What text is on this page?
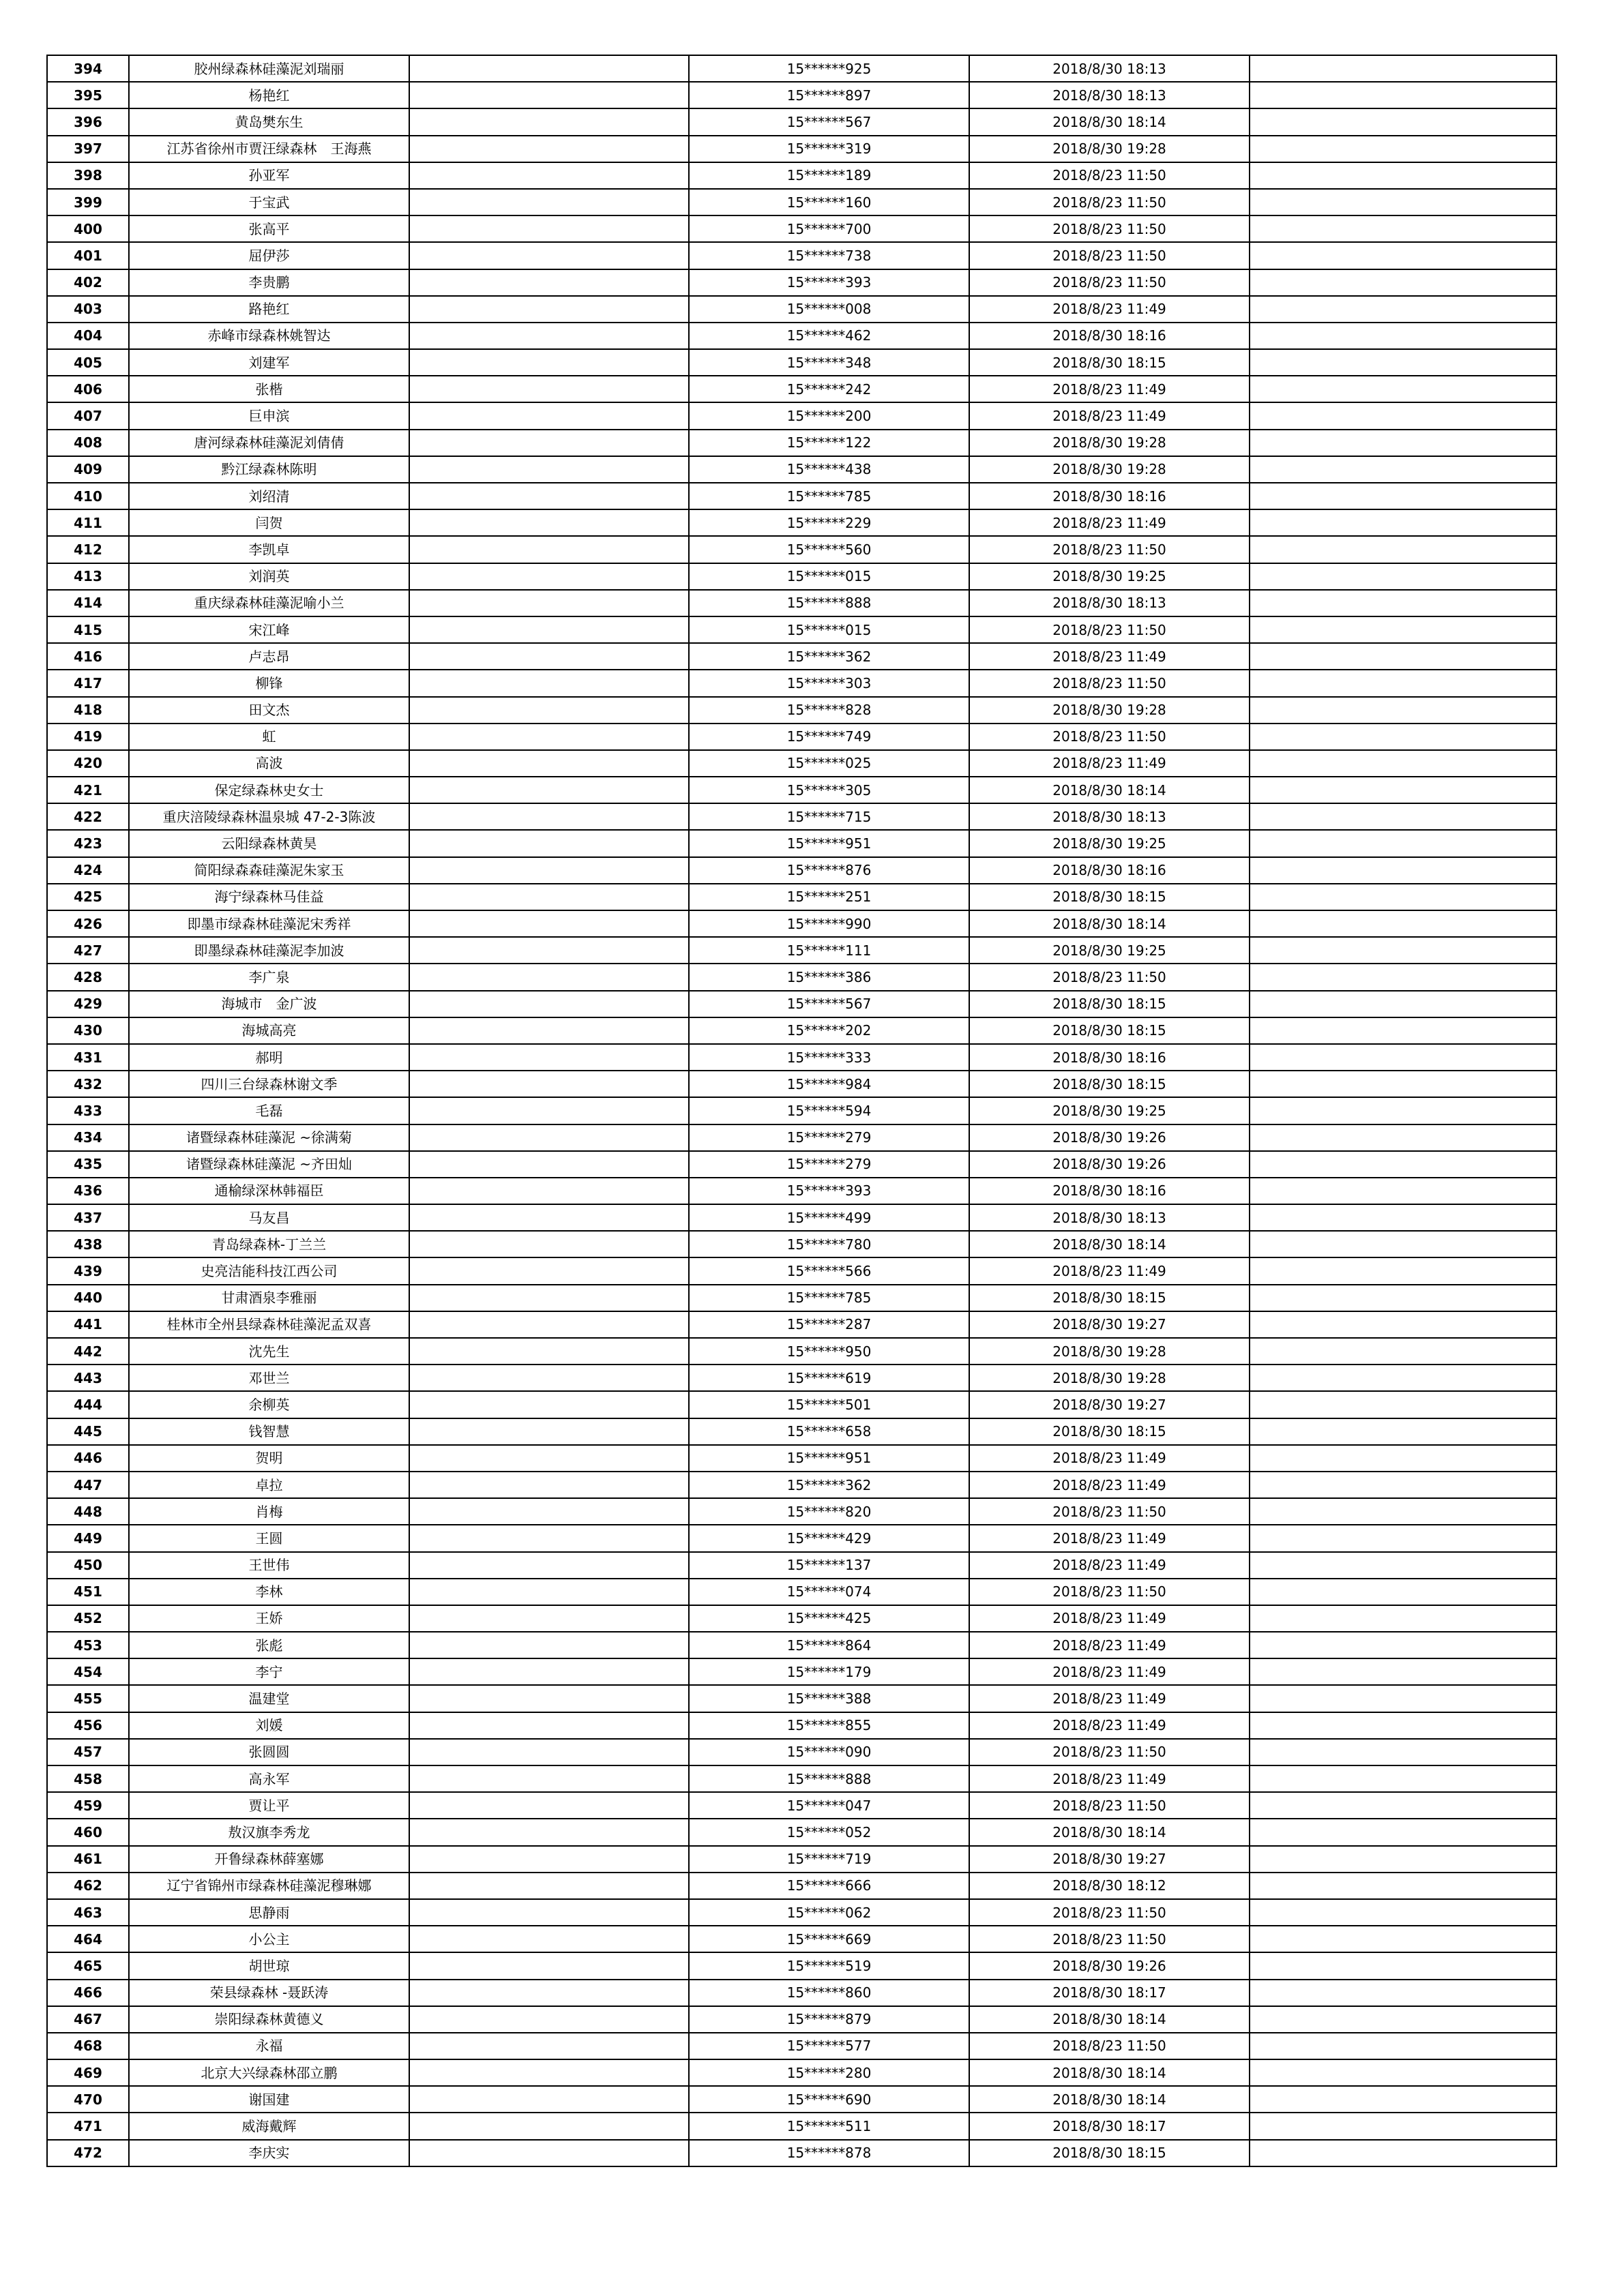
394	胶州绿森林硅藻泥刘瑞丽		15******925	2018/8/30 18:13	
395	杨艳红		15******897	2018/8/30 18:13	
396	黄岛樊东生		15******567	2018/8/30 18:14	
397	江苏省徐州市贾汪绿森林　王海燕		15******319	2018/8/30 19:28	
398	孙亚军		15******189	2018/8/23 11:50	
399	于宝武		15******160	2018/8/23 11:50	
400	张高平		15******700	2018/8/23 11:50	
401	屈伊莎		15******738	2018/8/23 11:50	
402	李贵鹏		15******393	2018/8/23 11:50	
403	路艳红		15******008	2018/8/23 11:49	
404	赤峰市绿森林姚智达		15******462	2018/8/30 18:16	
405	刘建军		15******348	2018/8/30 18:15	
406	张楷		15******242	2018/8/23 11:49	
407	巨申滨		15******200	2018/8/23 11:49	
408	唐河绿森林硅藻泥刘倩倩		15******122	2018/8/30 19:28	
409	黔江绿森林陈明		15******438	2018/8/30 19:28	
410	刘绍清		15******785	2018/8/30 18:16	
411	闫贺		15******229	2018/8/23 11:49	
412	李凯卓		15******560	2018/8/23 11:50	
413	刘润英		15******015	2018/8/30 19:25	
414	重庆绿森林硅藻泥喻小兰		15******888	2018/8/30 18:13	
415	宋江峰		15******015	2018/8/23 11:50	
416	卢志昂		15******362	2018/8/23 11:49	
417	柳锋		15******303	2018/8/23 11:50	
418	田文杰		15******828	2018/8/30 19:28	
419	虹		15******749	2018/8/23 11:50	
420	高波		15******025	2018/8/23 11:49	
421	保定绿森林史女士		15******305	2018/8/30 18:14	
422	重庆涪陵绿森林温泉城 47-2-3陈波		15******715	2018/8/30 18:13	
423	云阳绿森林黄昊		15******951	2018/8/30 19:25	
424	简阳绿森森硅藻泥朱家玉		15******876	2018/8/30 18:16	
425	海宁绿森林马佳益		15******251	2018/8/30 18:15	
426	即墨市绿森林硅藻泥宋秀祥		15******990	2018/8/30 18:14	
427	即墨绿森林硅藻泥李加波		15******111	2018/8/30 19:25	
428	李广泉		15******386	2018/8/23 11:50	
429	海城市　金广波		15******567	2018/8/30 18:15	
430	海城高亮		15******202	2018/8/30 18:15	
431	郝明		15******333	2018/8/30 18:16	
432	四川三台绿森林谢文季		15******984	2018/8/30 18:15	
433	毛磊		15******594	2018/8/30 19:25	
434	诸暨绿森林硅藻泥 ~徐满菊		15******279	2018/8/30 19:26	
435	诸暨绿森林硅藻泥 ~齐田灿		15******279	2018/8/30 19:26	
436	通榆绿深林韩福臣		15******393	2018/8/30 18:16	
437	马友昌		15******499	2018/8/30 18:13	
438	青岛绿森林-丁兰兰		15******780	2018/8/30 18:14	
439	史亮洁能科技江西公司		15******566	2018/8/23 11:49	
440	甘肃酒泉李雅丽		15******785	2018/8/30 18:15	
441	桂林市全州县绿森林硅藻泥孟双喜		15******287	2018/8/30 19:27	
442	沈先生		15******950	2018/8/30 19:28	
443	邓世兰		15******619	2018/8/30 19:28	
444	余柳英		15******501	2018/8/30 19:27	
445	钱智慧		15******658	2018/8/30 18:15	
446	贺明		15******951	2018/8/23 11:49	
447	卓拉		15******362	2018/8/23 11:49	
448	肖梅		15******820	2018/8/23 11:50	
449	王圆		15******429	2018/8/23 11:49	
450	王世伟		15******137	2018/8/23 11:49	
451	李林		15******074	2018/8/23 11:50	
452	王娇		15******425	2018/8/23 11:49	
453	张彪		15******864	2018/8/23 11:49	
454	李宁		15******179	2018/8/23 11:49	
455	温建堂		15******388	2018/8/23 11:49	
456	刘媛		15******855	2018/8/23 11:49	
457	张圆圆		15******090	2018/8/23 11:50	
458	高永军		15******888	2018/8/23 11:49	
459	贾让平		15******047	2018/8/23 11:50	
460	敖汉旗李秀龙		15******052	2018/8/30 18:14	
461	开鲁绿森林薛塞娜		15******719	2018/8/30 19:27	
462	辽宁省锦州市绿森林硅藻泥穆琳娜		15******666	2018/8/30 18:12	
463	思静雨		15******062	2018/8/23 11:50	
464	小公主		15******669	2018/8/23 11:50	
465	胡世琼		15******519	2018/8/30 19:26	
466	荣县绿森林 -聂跃涛		15******860	2018/8/30 18:17	
467	崇阳绿森林黄德义		15******879	2018/8/30 18:14	
468	永福		15******577	2018/8/23 11:50	
469	北京大兴绿森林邵立鹏		15******280	2018/8/30 18:14	
470	谢国建		15******690	2018/8/30 18:14	
471	威海戴辉		15******511	2018/8/30 18:17	
472	李庆实		15******878	2018/8/30 18:15	
